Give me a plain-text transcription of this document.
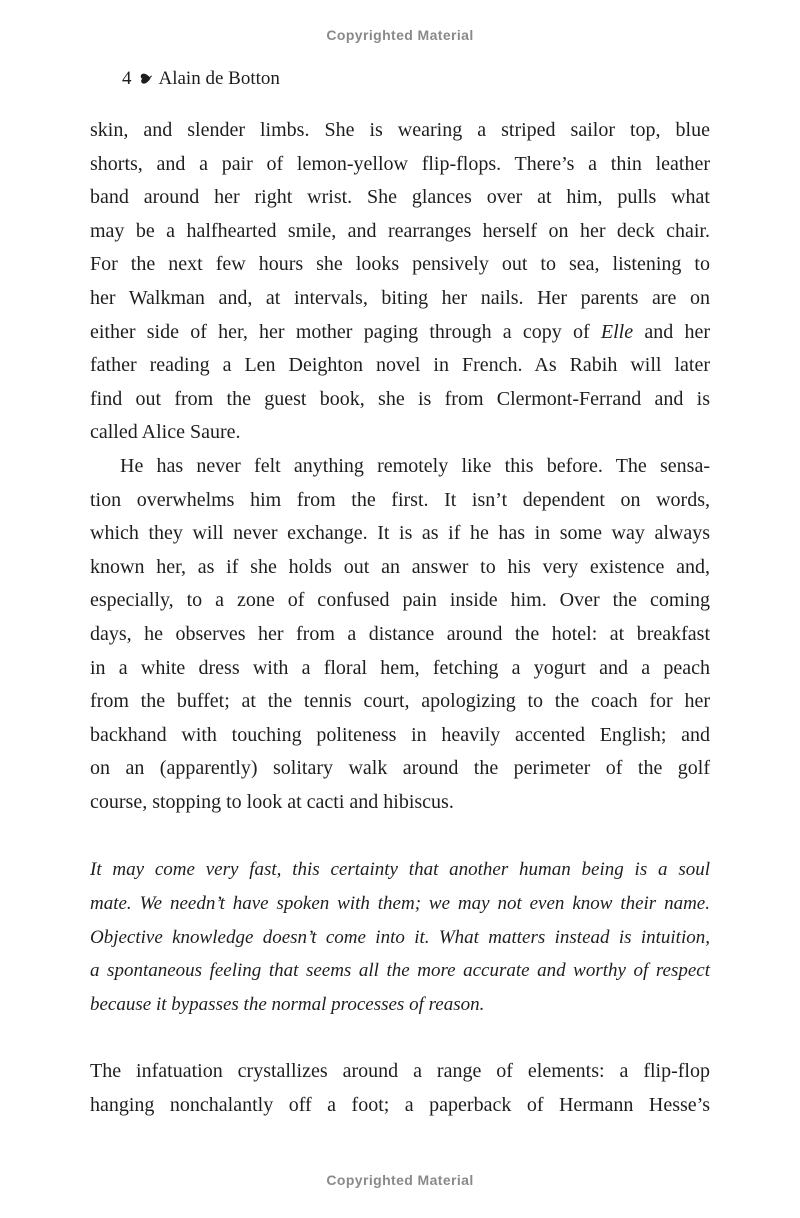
Copyrighted Material
4 Alain de Botton
skin, and slender limbs. She is wearing a striped sailor top, blue
shorts, and a pair of lemon-yellow flip-flops. There’s a thin leather
band around her right wrist. She glances over at him, pulls what
may be a halfhearted smile, and rearranges herself on her deck chair.
For the next few hours she looks pensively out to sea, listening to
her Walkman and, at intervals, biting her nails. Her parents are on
either side of her, her mother paging through a copy of Elle and her
father reading a Len Deighton novel in French. As Rabih will later
find out from the guest book, she is from Clermont-Ferrand and is
called Alice Saure.
He has never felt anything remotely like this before. The sensa-
tion overwhelms him from the first. It isn’t dependent on words,
which they will never exchange. It is as if he has in some way always
known her, as if she holds out an answer to his very existence and,
especially, to a zone of confused pain inside him. Over the coming
days, he observes her from a distance around the hotel: at breakfast
in a white dress with a floral hem, fetching a yogurt and a peach
from the buffet; at the tennis court, apologizing to the coach for her
backhand with touching politeness in heavily accented English; and
on an (apparently) solitary walk around the perimeter of the golf
course, stopping to look at cacti and hibiscus.
It may come very fast, this certainty that another human being is a soul
mate. We needn’t have spoken with them; we may not even know their name.
Objective knowledge doesn’t come into it. What matters instead is intuition,
a spontaneous feeling that seems all the more accurate and worthy of respect
because it bypasses the normal processes of reason.
The infatuation crystallizes around a range of elements: a flip-flop
hanging nonchalantly off a foot; a paperback of Hermann Hesse’s
Copyrighted Material
